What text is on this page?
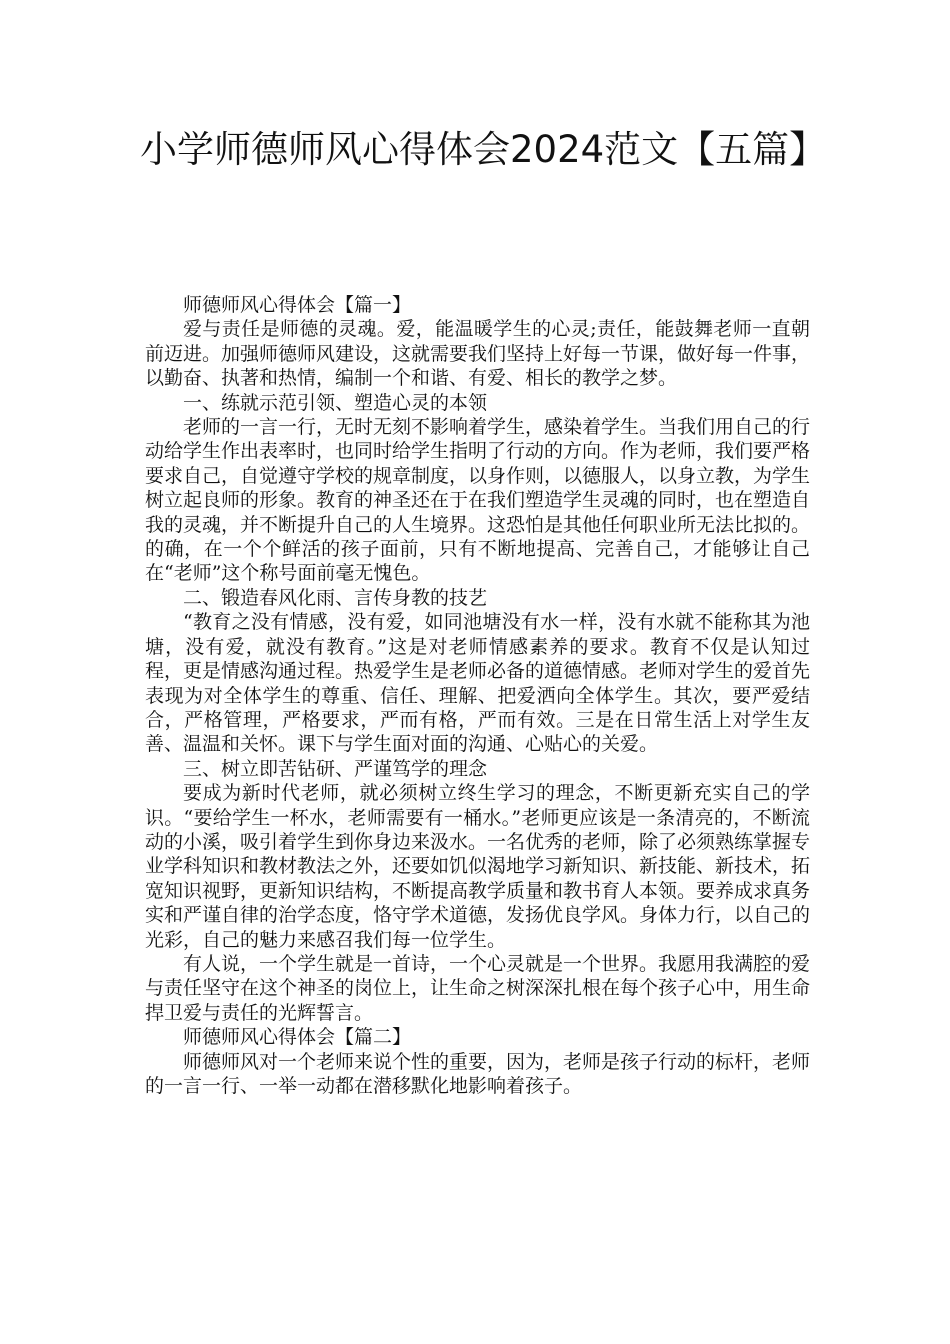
小学师德师风心得体会2024范文【五篇】

师德师风心得体会【篇一】

爱与责任是师德的灵魂。爱，能温暖学生的心灵;责任，能鼓舞老师一直朝前迈进。加强师德师风建设，这就需要我们坚持上好每一节课，做好每一件事，以勤奋、执著和热情，编制一个和谐、有爱、相长的教学之梦。

一、练就示范引领、塑造心灵的本领

老师的一言一行，无时无刻不影响着学生，感染着学生。当我们用自己的行动给学生作出表率时，也同时给学生指明了行动的方向。作为老师，我们要严格要求自己，自觉遵守学校的规章制度，以身作则，以德服人，以身立教，为学生树立起良师的形象。教育的神圣还在于在我们塑造学生灵魂的同时，也在塑造自我的灵魂，并不断提升自己的人生境界。这恐怕是其他任何职业所无法比拟的。的确，在一个个鲜活的孩子面前，只有不断地提高、完善自己，才能够让自己在“老师”这个称号面前毫无愧色。

二、锻造春风化雨、言传身教的技艺

“教育之没有情感，没有爱，如同池塘没有水一样，没有水就不能称其为池塘，没有爱，就没有教育。”这是对老师情感素养的要求。教育不仅是认知过程，更是情感沟通过程。热爱学生是老师必备的道德情感。老师对学生的爱首先表现为对全体学生的尊重、信任、理解、把爱洒向全体学生。其次，要严爱结合，严格管理，严格要求，严而有格，严而有效。三是在日常生活上对学生友善、温温和关怀。课下与学生面对面的沟通、心贴心的关爱。

三、树立即苦钻研、严谨笃学的理念

要成为新时代老师，就必须树立终生学习的理念，不断更新充实自己的学识。“要给学生一杯水，老师需要有一桶水。”老师更应该是一条清亮的，不断流动的小溪，吸引着学生到你身边来汲水。一名优秀的老师，除了必须熟练掌握专业学科知识和教材教法之外，还要如饥似渴地学习新知识、新技能、新技术，拓宽知识视野，更新知识结构，不断提高教学质量和教书育人本领。要养成求真务实和严谨自律的治学态度，恪守学术道德，发扬优良学风。身体力行，以自己的光彩，自己的魅力来感召我们每一位学生。

有人说，一个学生就是一首诗，一个心灵就是一个世界。我愿用我满腔的爱与责任坚守在这个神圣的岗位上，让生命之树深深扎根在每个孩子心中，用生命捍卫爱与责任的光辉誓言。

师德师风心得体会【篇二】

师德师风对一个老师来说个性的重要，因为，老师是孩子行动的标杆，老师的一言一行、一举一动都在潜移默化地影响着孩子。
